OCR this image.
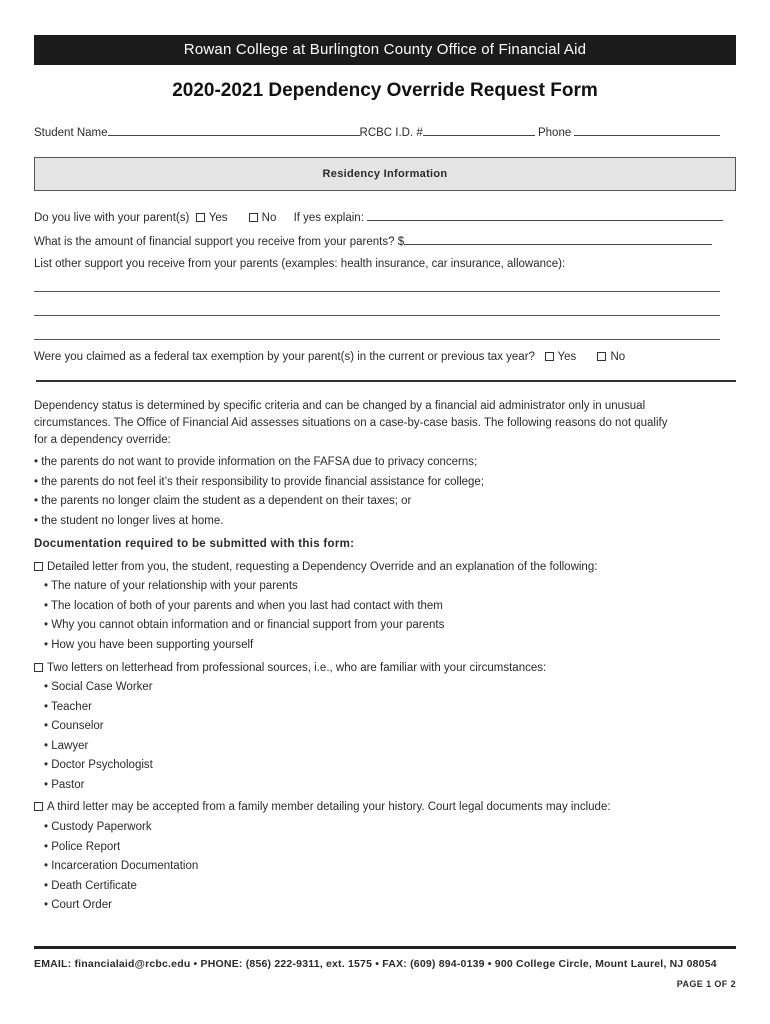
Rowan College at Burlington County Office of Financial Aid
2020-2021 Dependency Override Request Form
Student Name	RCBC I.D. #	Phone
Residency Information
Do you live with your parent(s) Yes	No If yes explain:
What is the amount of financial support you receive from your parents? $
List other support you receive from your parents (examples: health insurance, car insurance, allowance):
Were you claimed as a federal tax exemption by your parent(s) in the current or previous tax year? Yes	No
Dependency status is determined by specific criteria and can be changed by a financial aid administrator only in unusual
circumstances. The Office of Financial Aid assesses situations on a case-by-case basis. The following reasons do not qualify
for a dependency override:
• the parents do not want to provide information on the FAFSA due to privacy concerns;
• the parents do not feel it’s their responsibility to provide financial assistance for college;
• the parents no longer claim the student as a dependent on their taxes; or
• the student no longer lives at home.
Documentation required to be submitted with this form:
Detailed letter from you, the student, requesting a Dependency Override and an explanation of the following:
• The nature of your relationship with your parents
• The location of both of your parents and when you last had contact with them
• Why you cannot obtain information and or financial support from your parents
• How you have been supporting yourself
Two letters on letterhead from professional sources, i.e., who are familiar with your circumstances:
• Social Case Worker
• Teacher
• Counselor
• Lawyer
• Doctor Psychologist
• Pastor
A third letter may be accepted from a family member detailing your history. Court legal documents may include:
• Custody Paperwork
• Police Report
• Incarceration Documentation
• Death Certificate
• Court Order
EMAIL: financialaid@rcbc.edu • PHONE: (856) 222-9311, ext. 1575 • FAX: (609) 894-0139 • 900 College Circle, Mount Laurel, NJ 08054
PAGE 1 OF 2
